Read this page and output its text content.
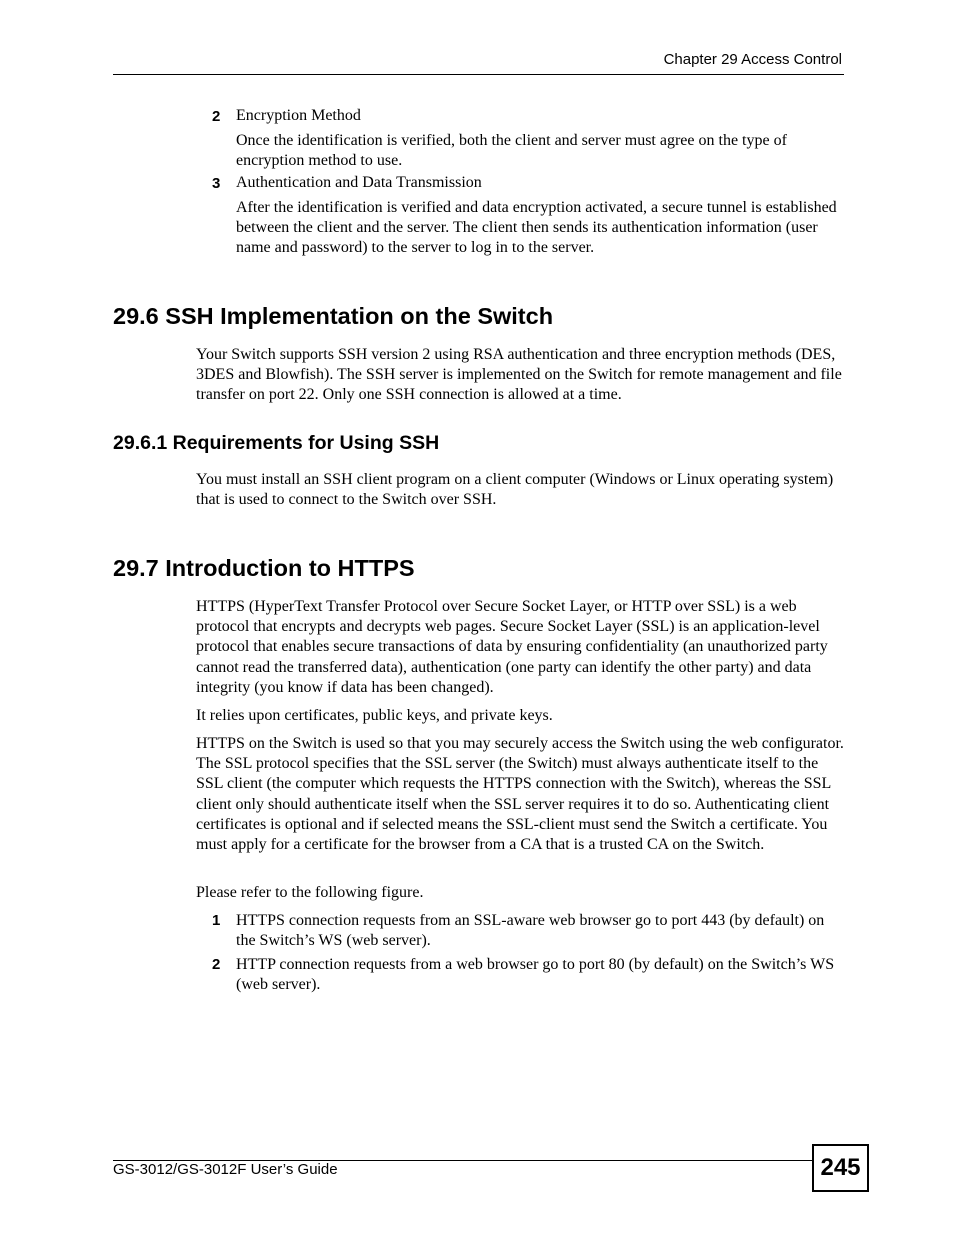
Chapter 29 Access Control
2 Encryption Method
Once the identification is verified, both the client and server must agree on the type of encryption method to use.
3 Authentication and Data Transmission
After the identification is verified and data encryption activated, a secure tunnel is established between the client and the server. The client then sends its authentication information (user name and password) to the server to log in to the server.
29.6 SSH Implementation on the Switch
Your Switch supports SSH version 2 using RSA authentication and three encryption methods (DES, 3DES and Blowfish). The SSH server is implemented on the Switch for remote management and file transfer on port 22. Only one SSH connection is allowed at a time.
29.6.1 Requirements for Using SSH
You must install an SSH client program on a client computer (Windows or Linux operating system) that is used to connect to the Switch over SSH.
29.7 Introduction to HTTPS
HTTPS (HyperText Transfer Protocol over Secure Socket Layer, or HTTP over SSL) is a web protocol that encrypts and decrypts web pages. Secure Socket Layer (SSL) is an application-level protocol that enables secure transactions of data by ensuring confidentiality (an unauthorized party cannot read the transferred data), authentication (one party can identify the other party) and data integrity (you know if data has been changed).
It relies upon certificates, public keys, and private keys.
HTTPS on the Switch is used so that you may securely access the Switch using the web configurator. The SSL protocol specifies that the SSL server (the Switch) must always authenticate itself to the SSL client (the computer which requests the HTTPS connection with the Switch), whereas the SSL client only should authenticate itself when the SSL server requires it to do so. Authenticating client certificates is optional and if selected means the SSL-client must send the Switch a certificate. You must apply for a certificate for the browser from a CA that is a trusted CA on the Switch.
Please refer to the following figure.
1 HTTPS connection requests from an SSL-aware web browser go to port 443 (by default) on the Switch’s WS (web server).
2 HTTP connection requests from a web browser go to port 80 (by default) on the Switch’s WS (web server).
GS-3012/GS-3012F User’s Guide	245
